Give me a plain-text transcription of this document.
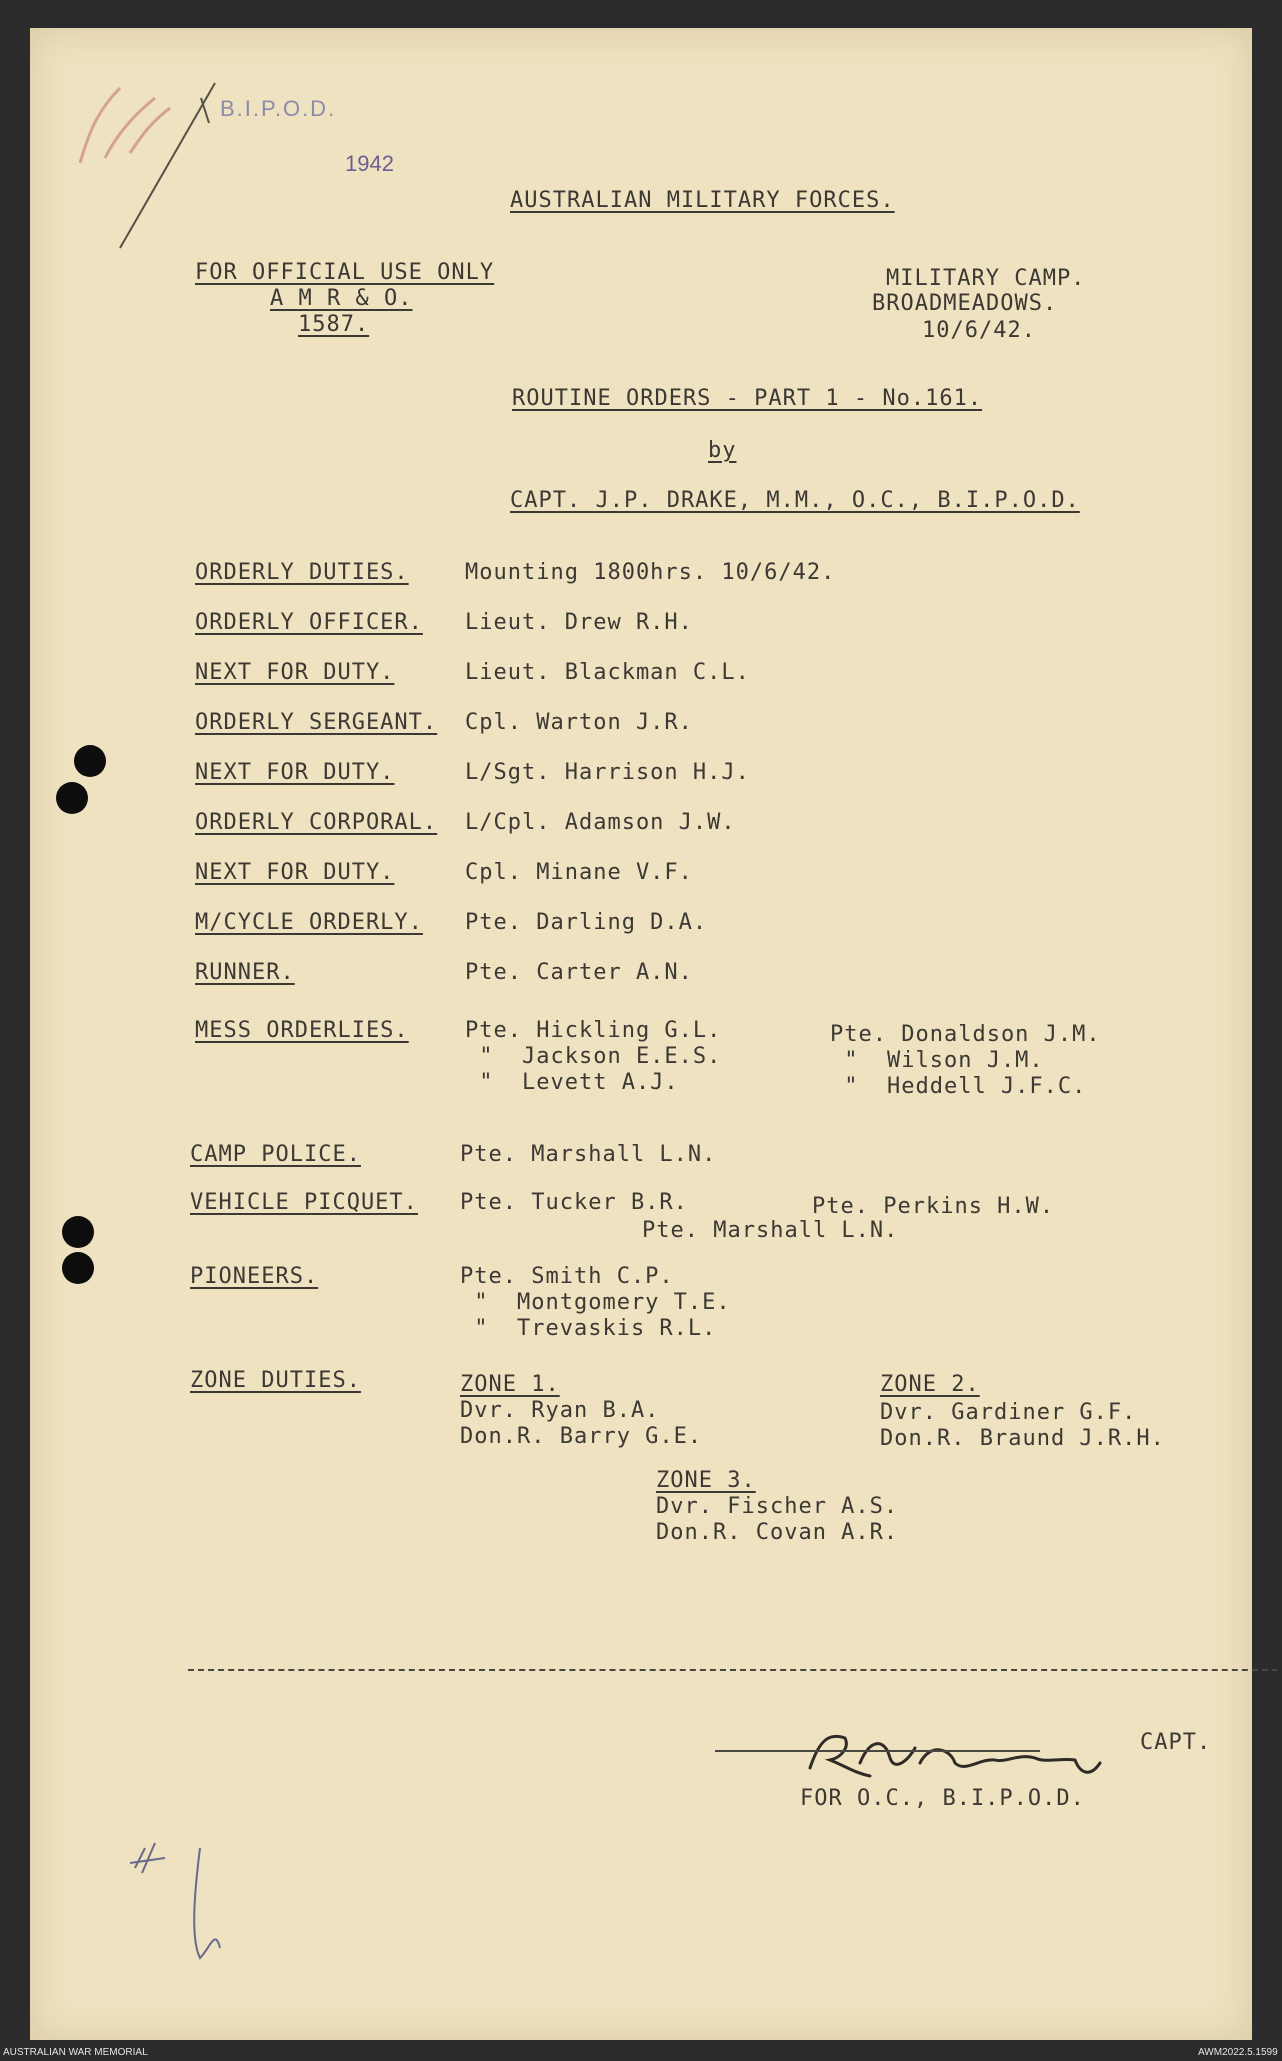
B.I.P.O.D.
1942
AUSTRALIAN MILITARY FORCES.
FOR OFFICIAL USE ONLY
A M R & O.
1587.
MILITARY CAMP.
BROADMEADOWS.
10/6/42.
ROUTINE ORDERS - PART 1 - No.161.
by
CAPT. J.P. DRAKE, M.M., O.C., B.I.P.O.D.
ORDERLY DUTIES.	Mounting 1800hrs. 10/6/42.
ORDERLY OFFICER. Lieut. Drew R.H.
NEXT FOR DUTY.	Lieut. Blackman C.L.
ORDERLY SERGEANT. Cpl. Warton J.R.
NEXT FOR DUTY.	L/Sgt. Harrison H.J.
ORDERLY CORPORAL. L/Cpl. Adamson J.W.
NEXT FOR DUTY.	Cpl. Minane V.F.
M/CYCLE ORDERLY. Pte. Darling D.A.
RUNNER.	Pte. Carter A.N.
MESS ORDERLIES.	Pte. Hickling G.L.
"  Jackson E.E.S.
"  Levett A.J.
Pte. Donaldson J.M.
"  Wilson J.M.
"  Heddell J.F.C.
CAMP POLICE.	Pte. Marshall L.N.
VEHICLE PICQUET. Pte. Tucker B.R.	Pte. Perkins H.W.
Pte. Marshall L.N.
PIONEERS.	Pte. Smith C.P.
"  Montgomery T.E.
"  Trevaskis R.L.
ZONE DUTIES.	ZONE 1.
Dvr. Ryan B.A.
Don.R. Barry G.E.
ZONE 2.
Dvr. Gardiner G.F.
Don.R. Braund J.R.H.
ZONE 3.
Dvr. Fischer A.S.
Don.R. Covan A.R.
CAPT.
FOR O.C., B.I.P.O.D.
AUSTRALIAN WAR MEMORIAL	AWM2022.5.1599
